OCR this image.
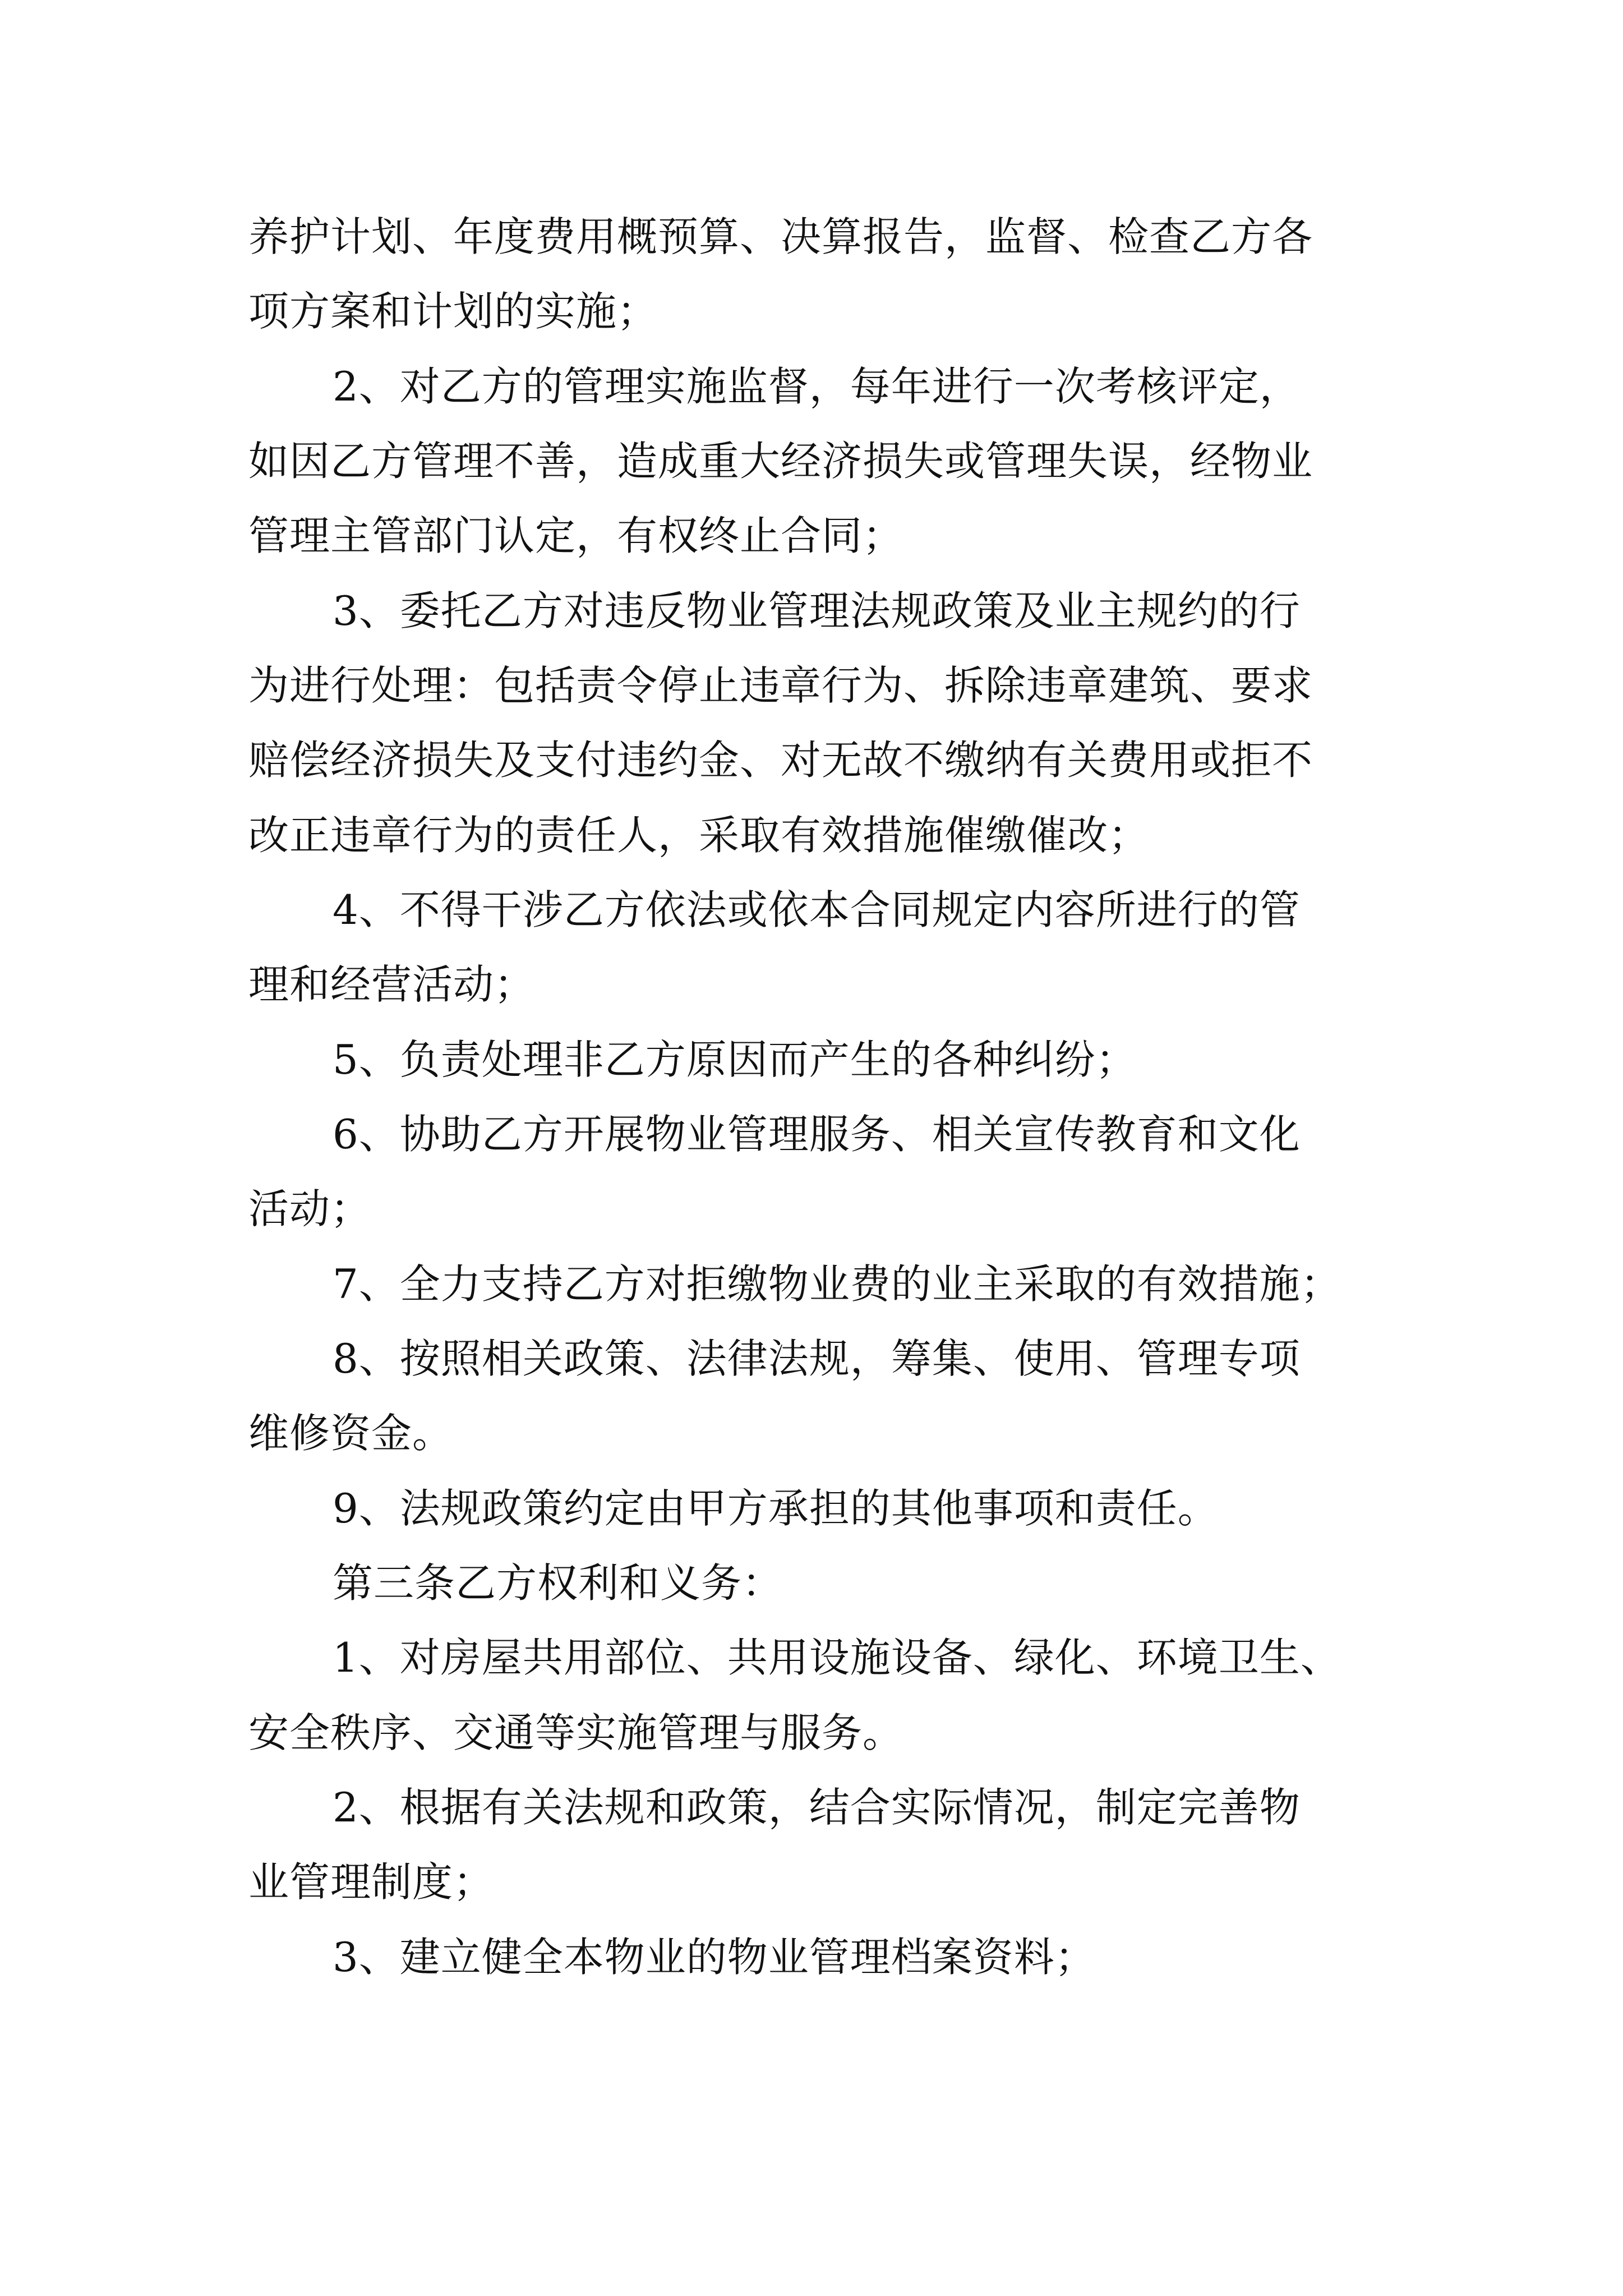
养护计划、年度费用概预算、决算报告，监督、检查乙方各

项方案和计划的实施；

2、对乙方的管理实施监督，每年进行一次考核评定，

如因乙方管理不善，造成重大经济损失或管理失误，经物业

管理主管部门认定，有权终止合同；

3、委托乙方对违反物业管理法规政策及业主规约的行

为进行处理：包括责令停止违章行为、拆除违章建筑、要求

赔偿经济损失及支付违约金、对无故不缴纳有关费用或拒不

改正违章行为的责任人，采取有效措施催缴催改；

4、不得干涉乙方依法或依本合同规定内容所进行的管

理和经营活动；

5、负责处理非乙方原因而产生的各种纠纷；

6、协助乙方开展物业管理服务、相关宣传教育和文化

活动；

7、全力支持乙方对拒缴物业费的业主采取的有效措施；

8、按照相关政策、法律法规，筹集、使用、管理专项

维修资金。

9、法规政策约定由甲方承担的其他事项和责任。

第三条乙方权利和义务：

1、对房屋共用部位、共用设施设备、绿化、环境卫生、

安全秩序、交通等实施管理与服务。

2、根据有关法规和政策，结合实际情况，制定完善物

业管理制度；

3、建立健全本物业的物业管理档案资料；
